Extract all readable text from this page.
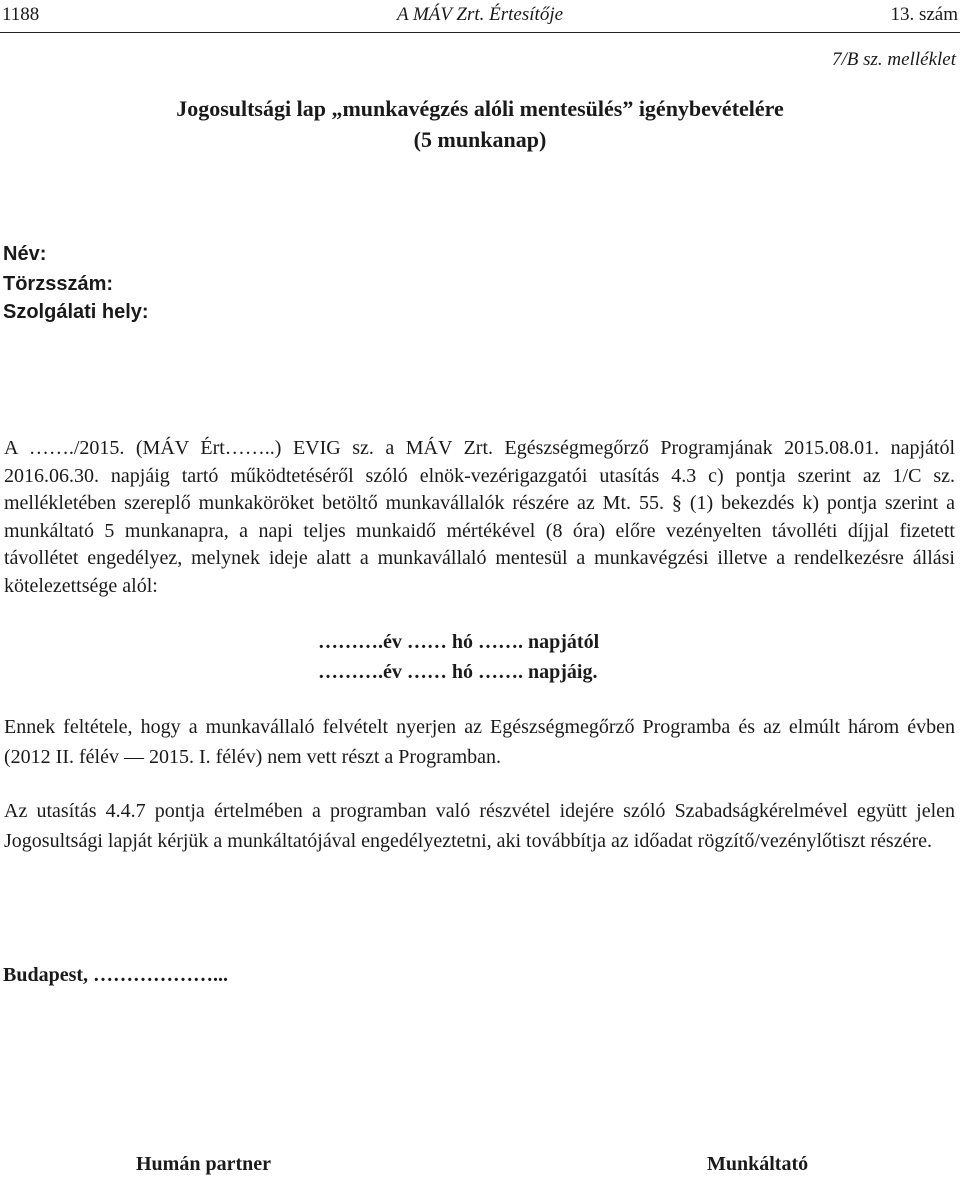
1188	A MÁV Zrt. Értesítője	13. szám
7/B sz. melléklet
Jogosultsági lap „munkavégzés alóli mentesülés” igénybevételére
(5 munkanap)
Név:
Törzsszám:
Szolgálati hely:

A ……./2015. (MÁV Ért……..) EVIG sz. a MÁV Zrt. Egészségmegőrző Programjának 2015.08.01. napjától 2016.06.30. napjáig tartó működtetéséről szóló elnök-vezérigazgatói utasítás 4.3 c) pontja szerint az 1/C sz. mellékletében szereplő munkaköröket betöltő munkavállalók részére az Mt. 55. § (1) bekezdés k) pontja szerint a munkáltató 5 munkanapra, a napi teljes munkaidő mértékével (8 óra) előre vezényelten távolléti díjjal fizetett távollétet engedélyez, melynek ideje alatt a munkavállaló mentesül a munkavégzési illetve a rendelkezésre állási kötelezettsége alól:

……….év …… hó ……. napjától
……….év …… hó ……. napjáig.

Ennek feltétele, hogy a munkavállaló felvételt nyerjen az Egészségmegőrző Programba és az elmúlt három évben (2012 II. félév — 2015. I. félév) nem vett részt a Programban.

Az utasítás 4.4.7 pontja értelmében a programban való részvétel idejére szóló Szabadságkérelmével együtt jelen Jogosultsági lapját kérjük a munkáltatójával engedélyeztetni, aki továbbítja az időadat rögzítő/vezénylőtiszt részére.

Budapest, ………………...
Humán partner	Munkáltató
